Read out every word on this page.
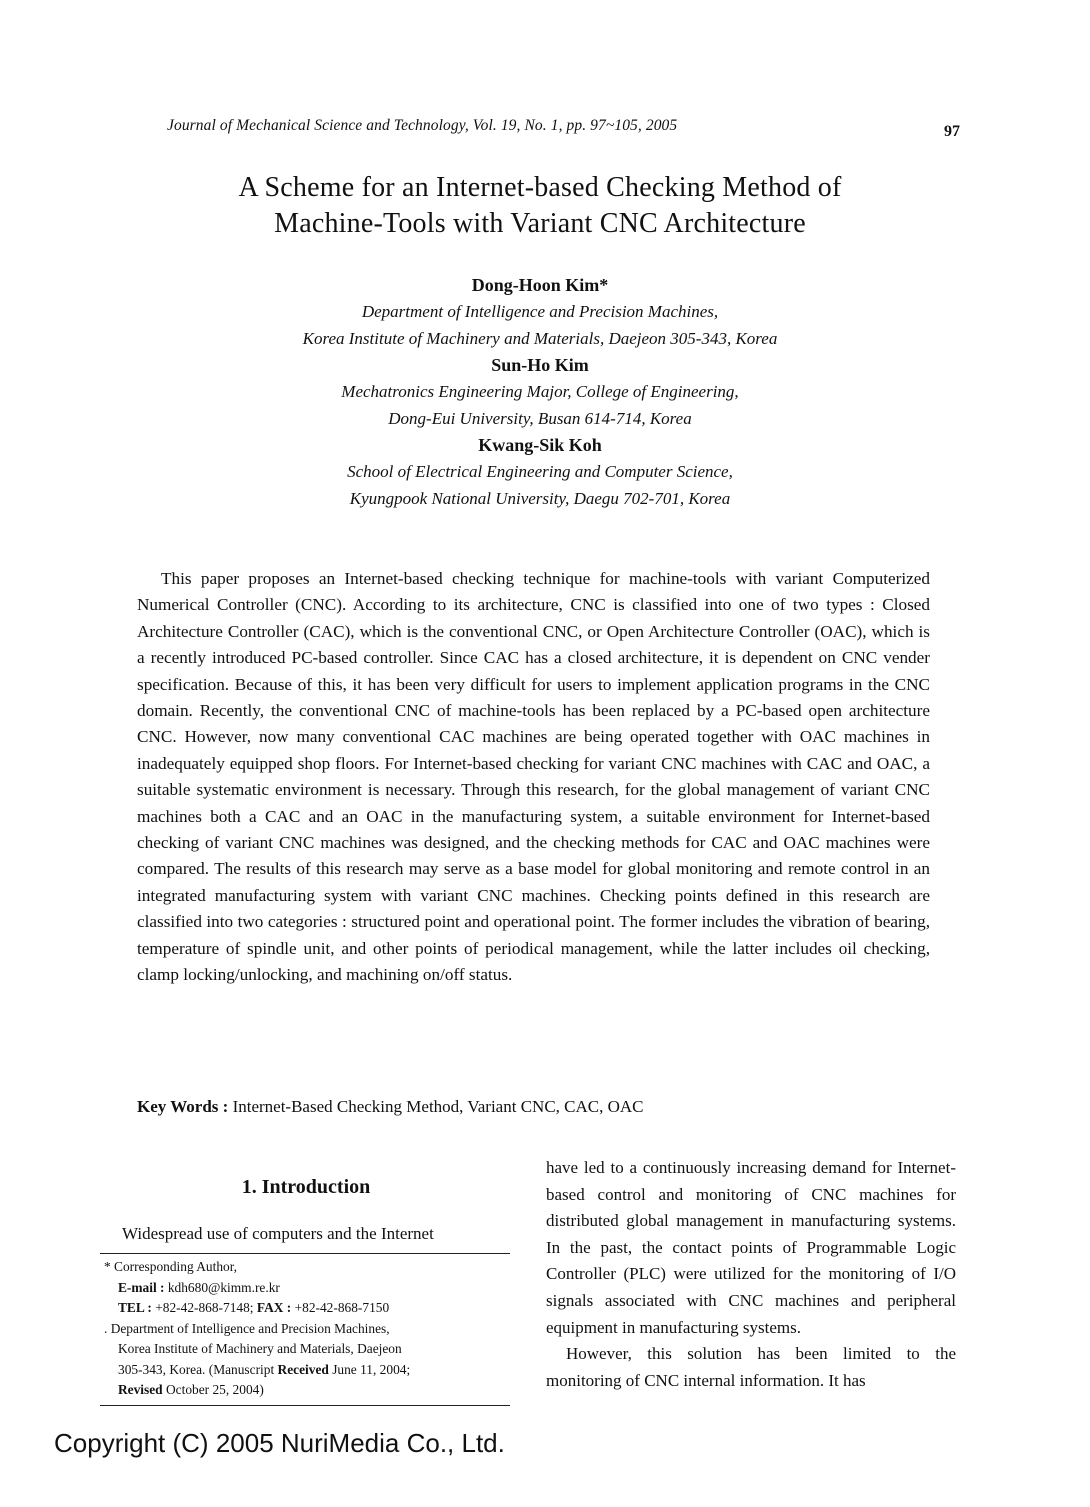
Journal of Mechanical Science and Technology, Vol. 19, No. 1, pp. 97~105, 2005	97
A Scheme for an Internet-based Checking Method of
Machine-Tools with Variant CNC Architecture
Dong-Hoon Kim*
Department of Intelligence and Precision Machines,
Korea Institute of Machinery and Materials, Daejeon 305-343, Korea
Sun-Ho Kim
Mechatronics Engineering Major, College of Engineering,
Dong-Eui University, Busan 614-714, Korea
Kwang-Sik Koh
School of Electrical Engineering and Computer Science,
Kyungpook National University, Daegu 702-701, Korea

This paper proposes an Internet-based checking technique for machine-tools with variant Computerized Numerical Controller (CNC). According to its architecture, CNC is classified into one of two types : Closed Architecture Controller (CAC), which is the conventional CNC, or Open Architecture Controller (OAC), which is a recently introduced PC-based controller. Since CAC has a closed architecture, it is dependent on CNC vender specification. Because of this, it has been very difficult for users to implement application programs in the CNC domain. Recently, the conventional CNC of machine-tools has been replaced by a PC-based open architecture CNC. However, now many conventional CAC machines are being operated together with OAC machines in inadequately equipped shop floors. For Internet-based checking for variant CNC machines with CAC and OAC, a suitable systematic environment is necessary. Through this research, for the global management of variant CNC machines both a CAC and an OAC in the manufacturing system, a suitable environment for Internet-based checking of variant CNC machines was designed, and the checking methods for CAC and OAC machines were compared. The results of this research may serve as a base model for global monitoring and remote control in an integrated manufacturing system with variant CNC machines. Checking points defined in this research are classified into two categories : structured point and operational point. The former includes the vibration of bearing, temperature of spindle unit, and other points of periodical management, while the latter includes oil checking, clamp locking/unlocking, and machining on/off status.

Key Words : Internet-Based Checking Method, Variant CNC, CAC, OAC
1. Introduction

Widespread use of computers and the Internet

* Corresponding Author,
E-mail : kdh680@kimm.re.kr
TEL : +82-42-868-7148; FAX : +82-42-868-7150
. Department of Intelligence and Precision Machines,
Korea Institute of Machinery and Materials, Daejeon
305-343, Korea. (Manuscript Received June 11, 2004;
Revised October 25, 2004)

have led to a continuously increasing demand for Internet-based control and monitoring of CNC machines for distributed global management in manufacturing systems. In the past, the contact points of Programmable Logic Controller (PLC) were utilized for the monitoring of I/O signals associated with CNC machines and peripheral equipment in manufacturing systems.

However, this solution has been limited to the monitoring of CNC internal information. It has

Copyright (C) 2005 NuriMedia Co., Ltd.
